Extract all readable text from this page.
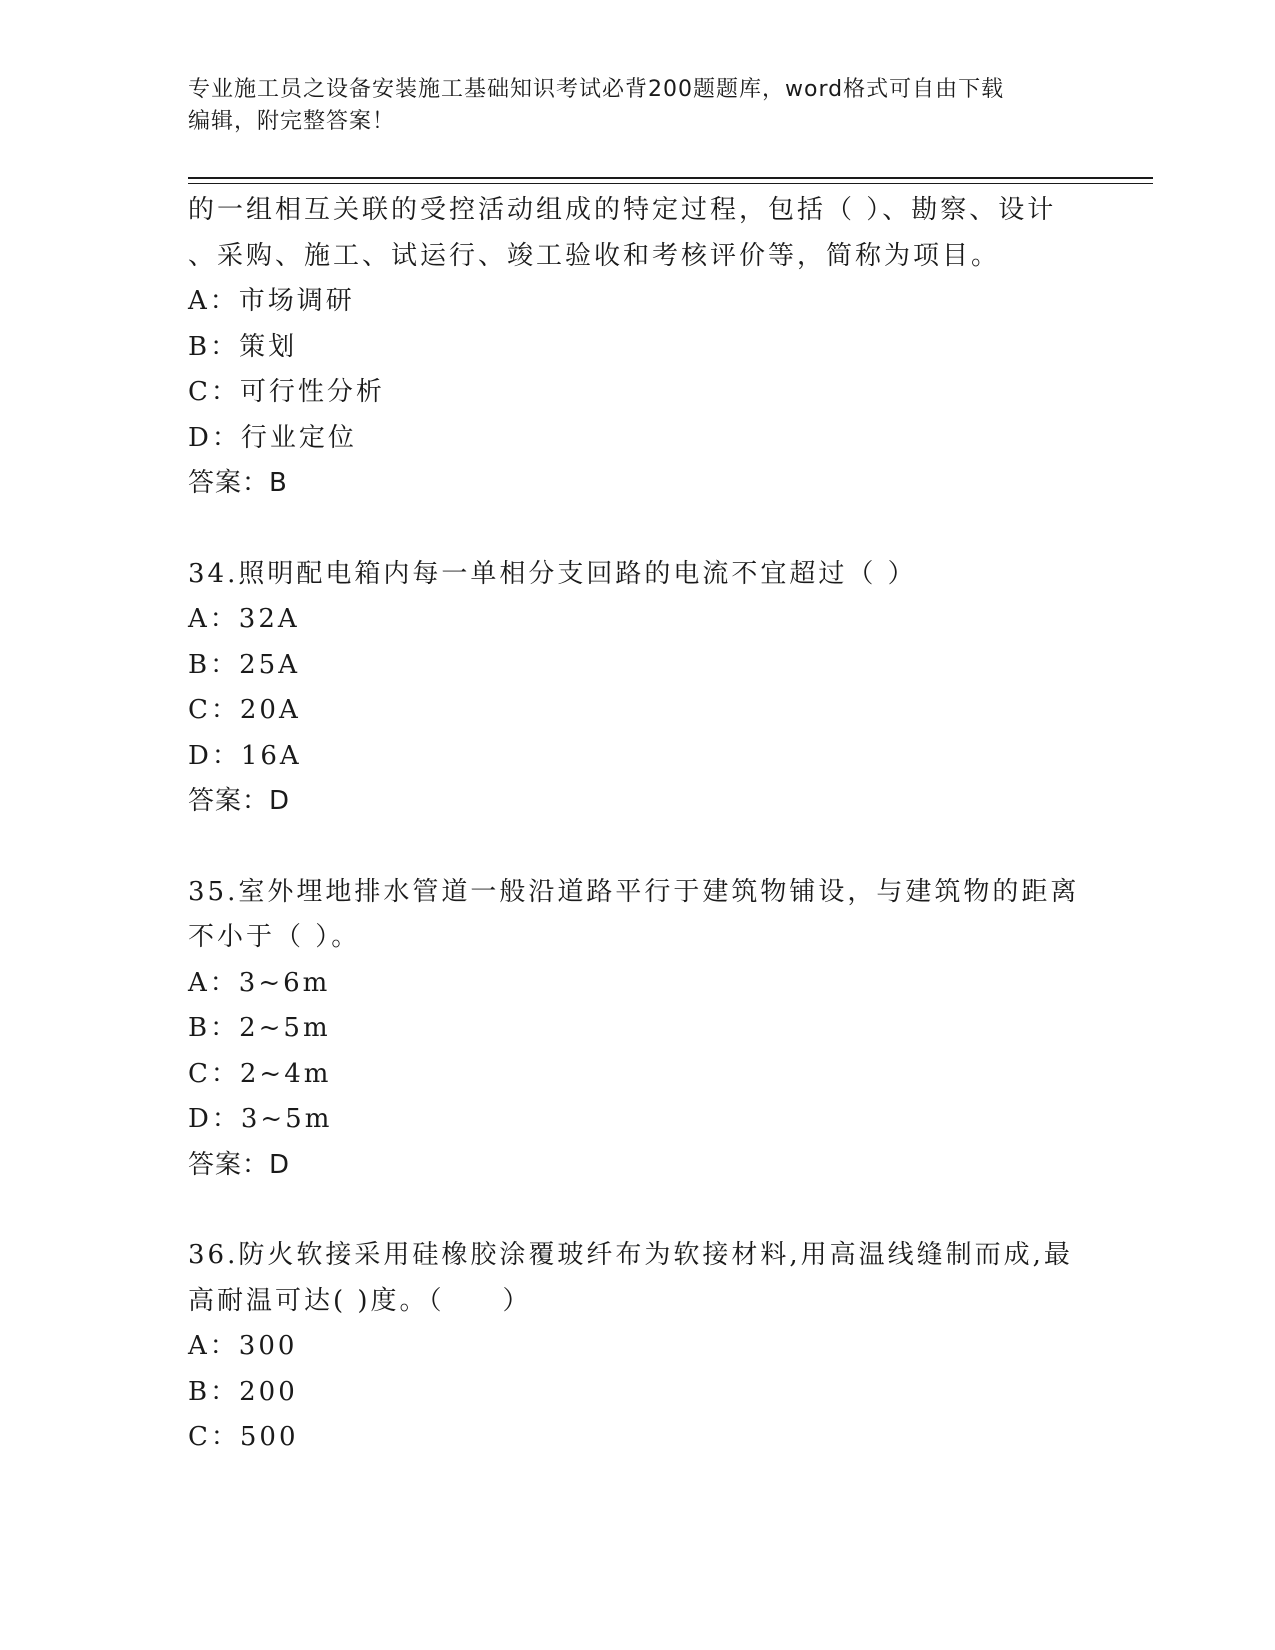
专业施工员之设备安装施工基础知识考试必背200题题库，word格式可自由下载
编辑，附完整答案！
的一组相互关联的受控活动组成的特定过程，包括（ ）、勘察、设计
、采购、施工、试运行、竣工验收和考核评价等，简称为项目。
A：市场调研
B：策划
C：可行性分析
D：行业定位
答案：B
34.照明配电箱内每一单相分支回路的电流不宜超过（ ）
A：32A
B：25A
C：20A
D：16A
答案：D
35.室外埋地排水管道一般沿道路平行于建筑物铺设，与建筑物的距离
不小于（ ）。
A：3~6m
B：2~5m
C：2~4m
D：3~5m
答案：D
36.防火软接采用硅橡胶涂覆玻纤布为软接材料,用高温线缝制而成,最
高耐温可达( )度。（　　）
A：300
B：200
C：500
